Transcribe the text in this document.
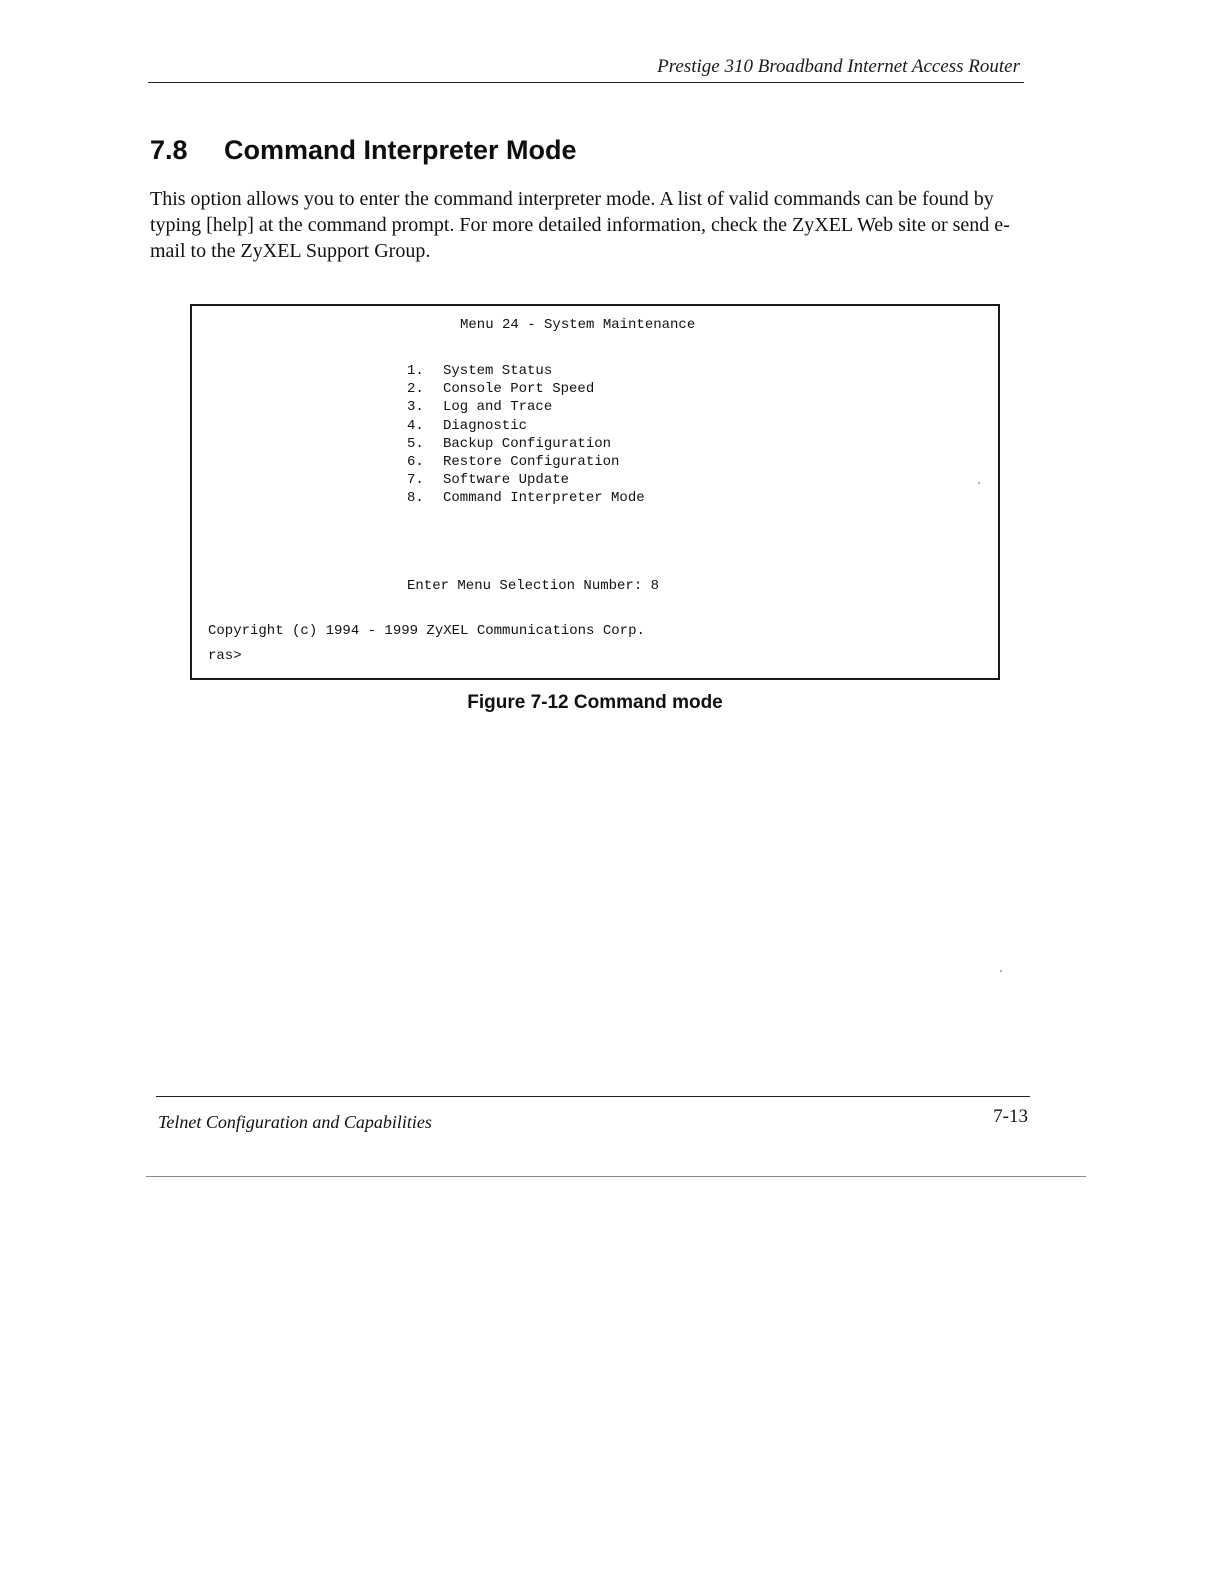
Prestige 310 Broadband Internet Access Router
7.8 Command Interpreter Mode

This option allows you to enter the command interpreter mode. A list of valid commands can be found by typing [help] at the command prompt. For more detailed information, check the ZyXEL Web site or send e-mail to the ZyXEL Support Group.

Menu 24 - System Maintenance
1.	System Status
2.	Console Port Speed
3.	Log and Trace
4.	Diagnostic
5.	Backup Configuration
6.	Restore Configuration
7.	Software Update
8.	Command Interpreter Mode
Enter Menu Selection Number: 8
Copyright (c) 1994 - 1999 ZyXEL Communications Corp.
ras>
Figure 7-12 Command mode
Telnet Configuration and Capabilities	7-13
